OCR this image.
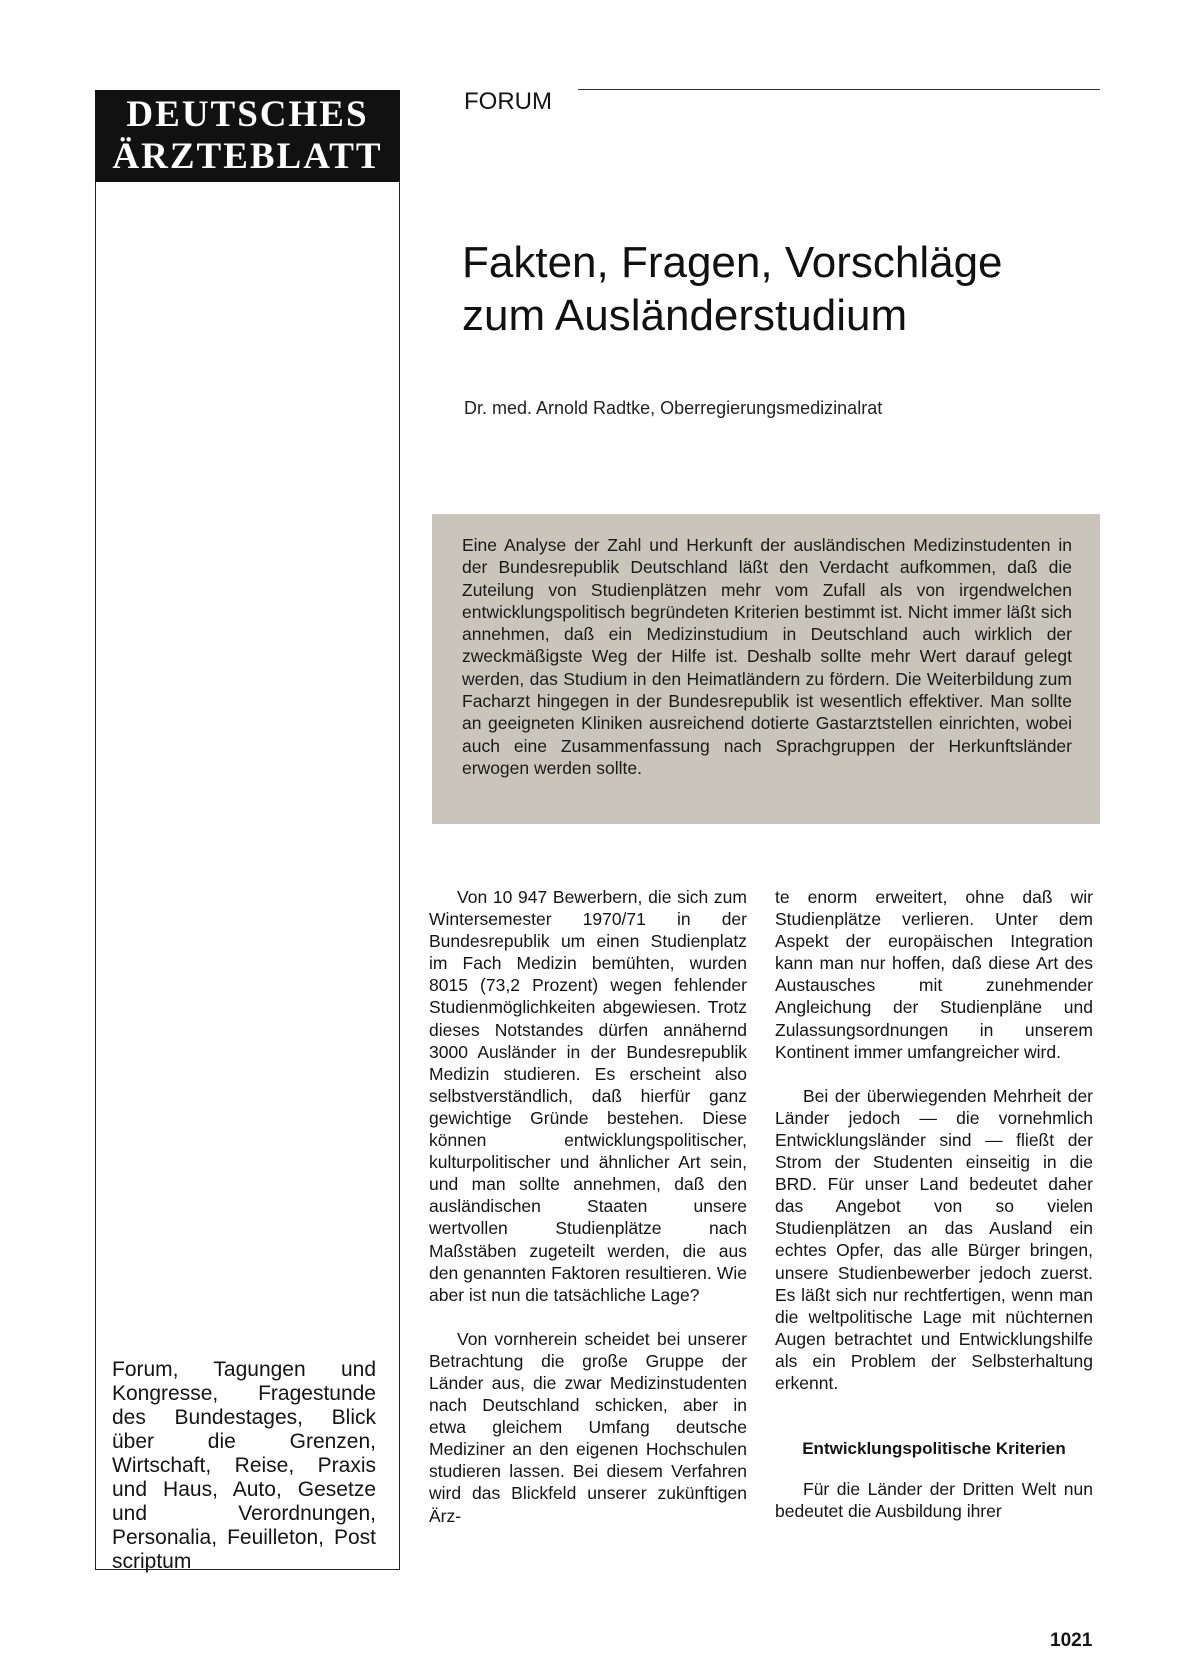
DEUTSCHES
ÄRZTEBLATT
Forum, Tagungen und Kongresse, Fragestunde des Bundestages, Blick über die Grenzen, Wirtschaft, Reise, Praxis und Haus, Auto, Gesetze und Verordnungen, Personalia, Feuilleton, Post scriptum
FORUM
Fakten, Fragen, Vorschläge
zum Ausländerstudium
Dr. med. Arnold Radtke, Oberregierungsmedizinalrat

Eine Analyse der Zahl und Herkunft der ausländischen Medizinstudenten in der Bundesrepublik Deutschland läßt den Verdacht aufkommen, daß die Zuteilung von Studienplätzen mehr vom Zufall als von irgendwelchen entwicklungspolitisch begründeten Kriterien bestimmt ist. Nicht immer läßt sich annehmen, daß ein Medizinstudium in Deutschland auch wirklich der zweckmäßigste Weg der Hilfe ist. Deshalb sollte mehr Wert darauf gelegt werden, das Studium in den Heimatländern zu fördern. Die Weiterbildung zum Facharzt hingegen in der Bundesrepublik ist wesentlich effektiver. Man sollte an geeigneten Kliniken ausreichend dotierte Gastarztstellen einrichten, wobei auch eine Zusammenfassung nach Sprachgruppen der Herkunftsländer erwogen werden sollte.

Von 10 947 Bewerbern, die sich zum Wintersemester 1970/71 in der Bundesrepublik um einen Studienplatz im Fach Medizin bemühten, wurden 8015 (73,2 Prozent) wegen fehlender Studienmöglichkeiten abgewiesen. Trotz dieses Notstandes dürfen annähernd 3000 Ausländer in der Bundesrepublik Medizin studieren. Es erscheint also selbstverständlich, daß hierfür ganz gewichtige Gründe bestehen. Diese können entwicklungspolitischer, kulturpolitischer und ähnlicher Art sein, und man sollte annehmen, daß den ausländischen Staaten unsere wertvollen Studienplätze nach Maßstäben zugeteilt werden, die aus den genannten Faktoren resultieren. Wie aber ist nun die tatsächliche Lage?

Von vornherein scheidet bei unserer Betrachtung die große Gruppe der Länder aus, die zwar Medizinstudenten nach Deutschland schicken, aber in etwa gleichem Umfang deutsche Mediziner an den eigenen Hochschulen studieren lassen. Bei diesem Verfahren wird das Blickfeld unserer zukünftigen Ärz-

te enorm erweitert, ohne daß wir Studienplätze verlieren. Unter dem Aspekt der europäischen Integration kann man nur hoffen, daß diese Art des Austausches mit zunehmender Angleichung der Studienpläne und Zulassungsordnungen in unserem Kontinent immer umfangreicher wird.

Bei der überwiegenden Mehrheit der Länder jedoch — die vornehmlich Entwicklungsländer sind — fließt der Strom der Studenten einseitig in die BRD. Für unser Land bedeutet daher das Angebot von so vielen Studienplätzen an das Ausland ein echtes Opfer, das alle Bürger bringen, unsere Studienbewerber jedoch zuerst. Es läßt sich nur rechtfertigen, wenn man die weltpolitische Lage mit nüchternen Augen betrachtet und Entwicklungshilfe als ein Problem der Selbsterhaltung erkennt.

Entwicklungspolitische Kriterien

Für die Länder der Dritten Welt nun bedeutet die Ausbildung ihrer

1021
